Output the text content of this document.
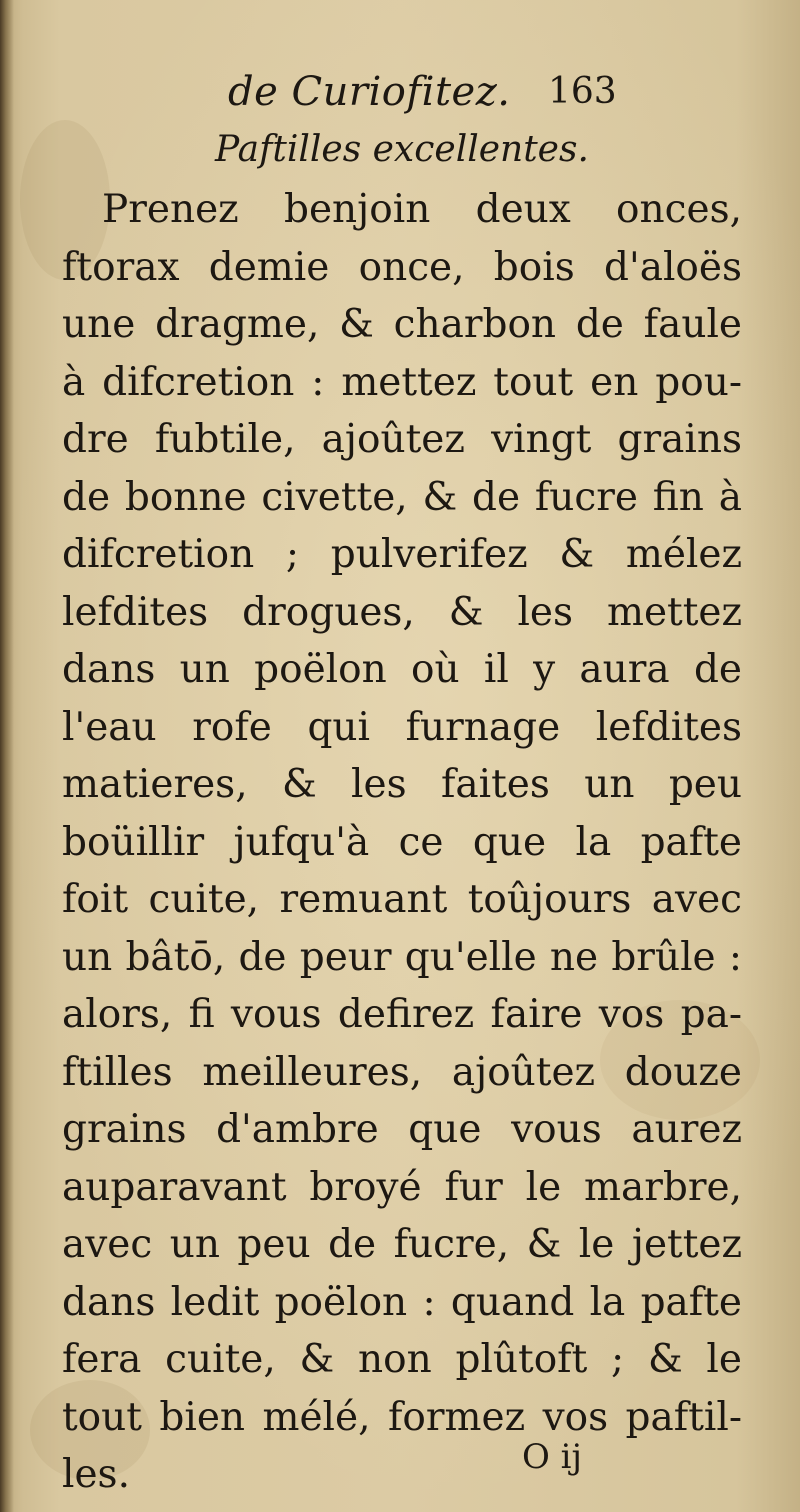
de Curiofitez. 163
Paftilles excellentes.
Prenez benjoin deux onces,
ftorax demie once, bois d'aloës
une dragme, & charbon de faule
à difcretion : mettez tout en pou-
dre fubtile, ajoûtez vingt grains
de bonne civette, & de fucre fin à
difcretion ; pulverifez & mélez
lefdites drogues, & les mettez
dans un poëlon où il y aura de
l'eau rofe qui furnage lefdites
matieres, & les faites un peu
boüillir jufqu'à ce que la pafte
foit cuite, remuant toûjours avec
un bâtō, de peur qu'elle ne brûle :
alors, fi vous defirez faire vos pa-
ftilles meilleures, ajoûtez douze
grains d'ambre que vous aurez
auparavant broyé fur le marbre,
avec un peu de fucre, & le jettez
dans ledit poëlon : quand la pafte
fera cuite, & non plûtoft ; & le
tout bien mélé, formez vos paftil-
les.	O ij
